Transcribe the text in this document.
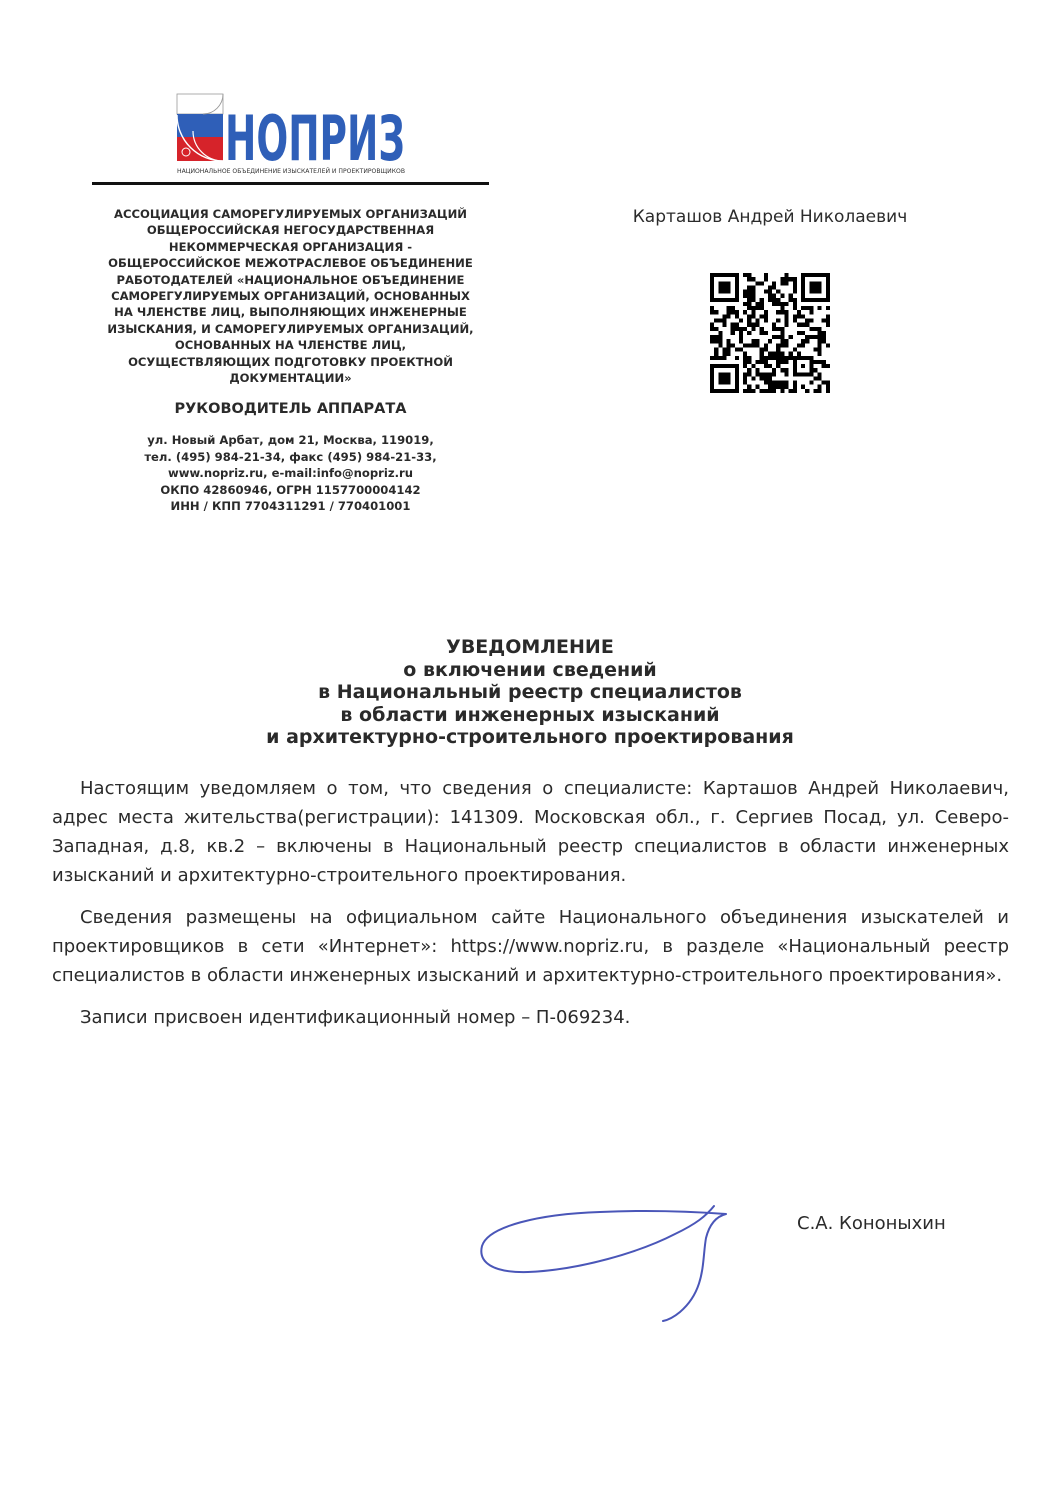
НОПРИЗ
НАЦИОНАЛЬНОЕ ОБЪЕДИНЕНИЕ ИЗЫСКАТЕЛЕЙ И ПРОЕКТИРОВЩИКОВ
АССОЦИАЦИЯ САМОРЕГУЛИРУЕМЫХ ОРГАНИЗАЦИЙ
ОБЩЕРОССИЙСКАЯ НЕГОСУДАРСТВЕННАЯ
НЕКОММЕРЧЕСКАЯ ОРГАНИЗАЦИЯ -
ОБЩЕРОССИЙСКОЕ МЕЖОТРАСЛЕВОЕ ОБЪЕДИНЕНИЕ
РАБОТОДАТЕЛЕЙ «НАЦИОНАЛЬНОЕ ОБЪЕДИНЕНИЕ
САМОРЕГУЛИРУЕМЫХ ОРГАНИЗАЦИЙ, ОСНОВАННЫХ
НА ЧЛЕНСТВЕ ЛИЦ, ВЫПОЛНЯЮЩИХ ИНЖЕНЕРНЫЕ
ИЗЫСКАНИЯ, И САМОРЕГУЛИРУЕМЫХ ОРГАНИЗАЦИЙ,
ОСНОВАННЫХ НА ЧЛЕНСТВЕ ЛИЦ,
ОСУЩЕСТВЛЯЮЩИХ ПОДГОТОВКУ ПРОЕКТНОЙ
ДОКУМЕНТАЦИИ»
РУКОВОДИТЕЛЬ АППАРАТА
ул. Новый Арбат, дом 21, Москва, 119019,
тел. (495) 984-21-34, факс (495) 984-21-33,
www.nopriz.ru, e-mail:info@nopriz.ru
ОКПО 42860946, ОГРН 1157700004142
ИНН / КПП 7704311291 / 770401001
Карташов Андрей Николаевич
УВЕДОМЛЕНИЕ
о включении сведений
в Национальный реестр специалистов
в области инженерных изысканий
и архитектурно-строительного проектирования

Настоящим уведомляем о том, что сведения о специалисте: Карташов Андрей Николаевич, адрес места жительства(регистрации): 141309. Московская обл., г. Сергиев Посад, ул. Северо-Западная, д.8, кв.2 – включены в Национальный реестр специалистов в области инженерных изысканий и архитектурно-строительного проектирования.

Сведения размещены на официальном сайте Национального объединения изыскателей и проектировщиков в сети «Интернет»: https://www.nopriz.ru, в разделе «Национальный реестр специалистов в области инженерных изысканий и архитектурно-строительного проектирования».

Записи присвоен идентификационный номер – П-069234.

С.А. Кононыхин
